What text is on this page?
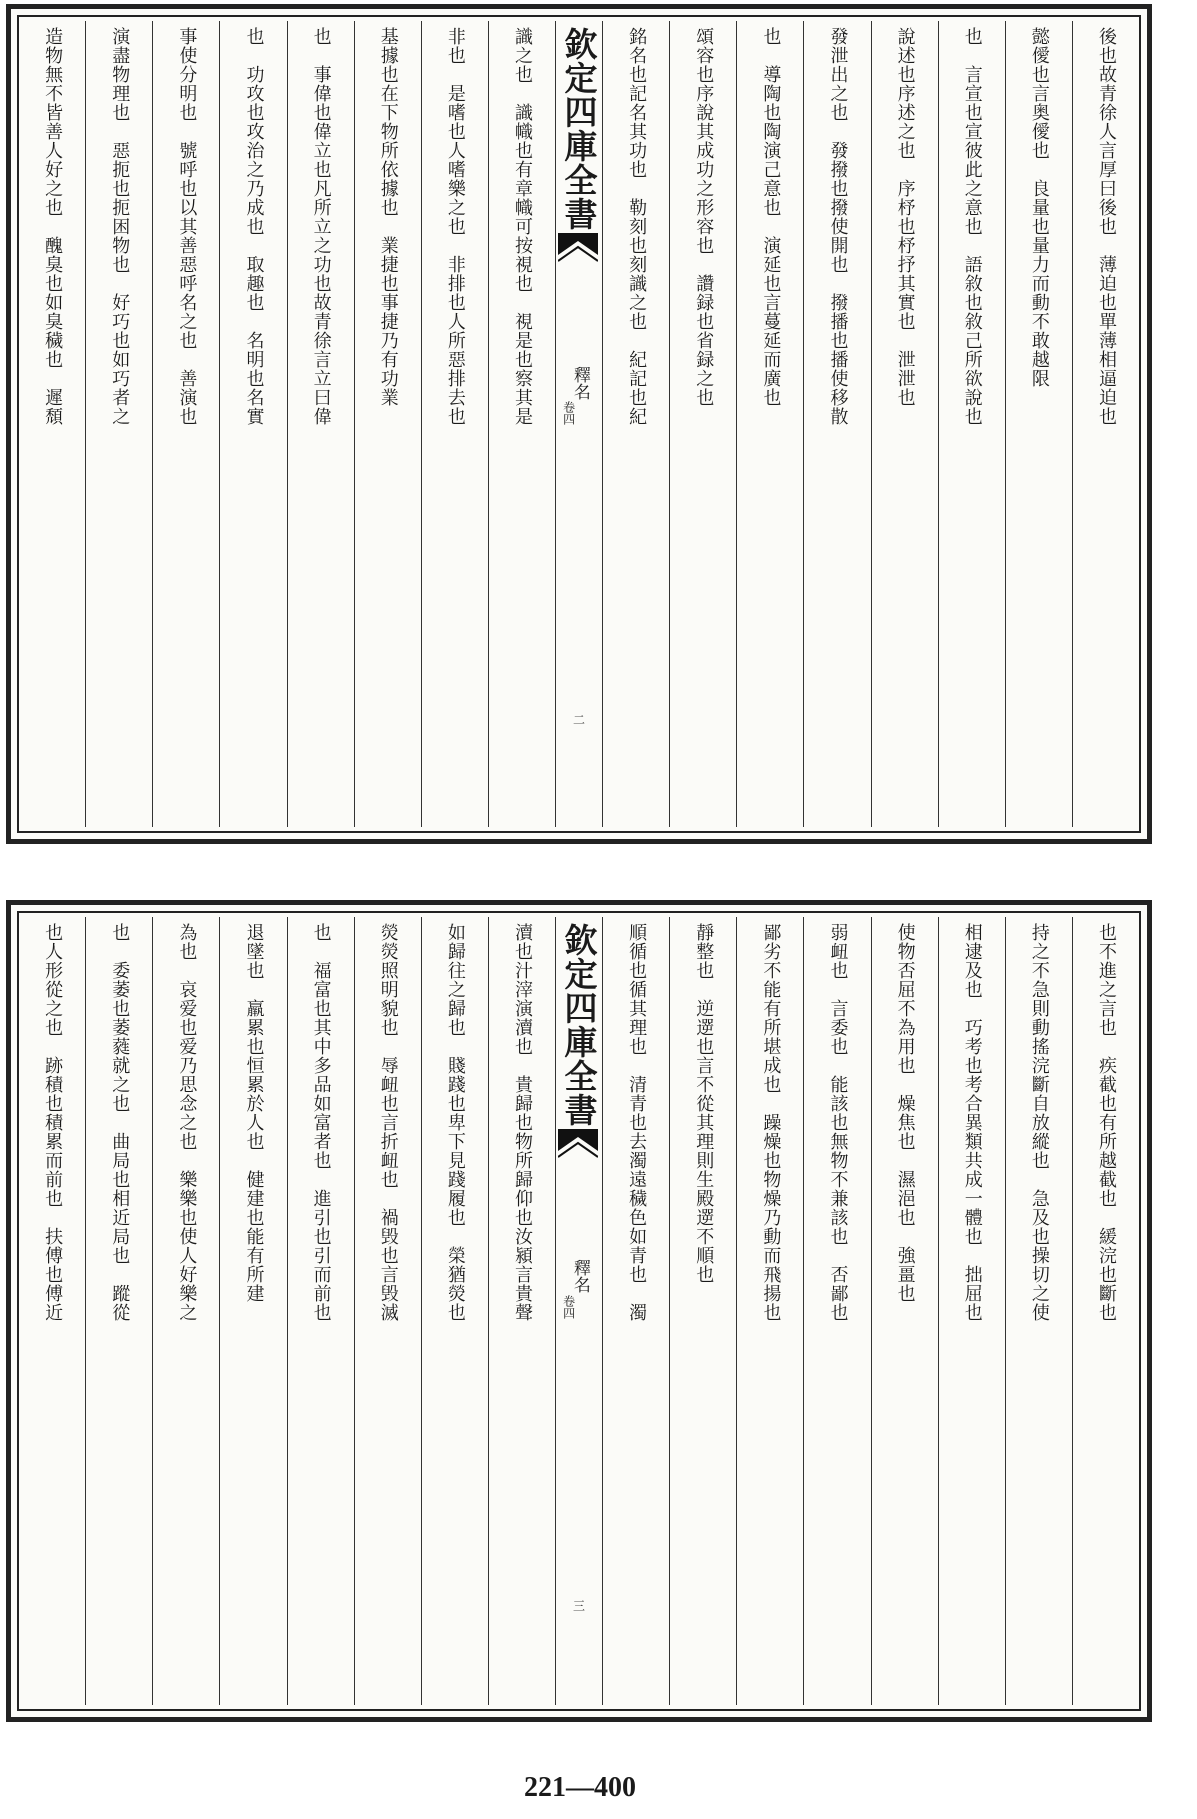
後也故青徐人言厚曰後也　薄迫也單薄相逼迫也
懿僾也言奥僾也　良量也量力而動不敢越限
也　言宣也宣彼此之意也　語敘也敘己所欲說也
說述也序述之也　序杼也杼抒其實也　泄泄也
發泄出之也　發撥也撥使開也　撥播也播使移散
也　導陶也陶演己意也　演延也言蔓延而廣也
頌容也序說其成功之形容也　讚録也省録之也
銘名也記名其功也　勒刻也刻識之也　紀記也紀
欽定四庫全書
釋名
卷四
二
識之也　識幟也有章幟可按視也　視是也察其是
非也　是嗜也人嗜樂之也　非排也人所惡排去也
基據也在下物所依據也　業捷也事捷乃有功業
也　事偉也偉立也凡所立之功也故青徐言立曰偉
也　功攻也攻治之乃成也　取趣也　名明也名實
事使分明也　號呼也以其善惡呼名之也　善演也
演盡物理也　惡扼也扼困物也　好巧也如巧者之
造物無不皆善人好之也　醜臭也如臭穢也　遲頹
也不進之言也　疾截也有所越截也　緩浣也斷也
持之不急則動搖浣斷自放縱也　急及也操切之使
相逮及也　巧考也考合異類共成一體也　拙屈也
使物否屈不為用也　燥焦也　濕浥也　強畺也
弱衄也　言委也　能該也無物不兼該也　否鄙也
鄙劣不能有所堪成也　躁燥也物燥乃動而飛揚也
靜整也　逆遻也言不從其理則生殿遻不順也
順循也循其理也　清青也去濁遠穢色如青也　濁
欽定四庫全書
釋名
卷四
三
瀆也汁滓演瀆也　貴歸也物所歸仰也汝潁言貴聲
如歸往之歸也　賤踐也卑下見踐履也　榮猶熒也
熒熒照明貌也　辱衄也言折衄也　禍毁也言毁滅
也　福富也其中多品如富者也　進引也引而前也
退墜也　羸累也恒累於人也　健建也能有所建
為也　哀爱也爱乃思念之也　樂樂也使人好樂之
也　委萎也萎蕤就之也　曲局也相近局也　蹤從
也人形從之也　跡積也積累而前也　扶傅也傅近
221—400
